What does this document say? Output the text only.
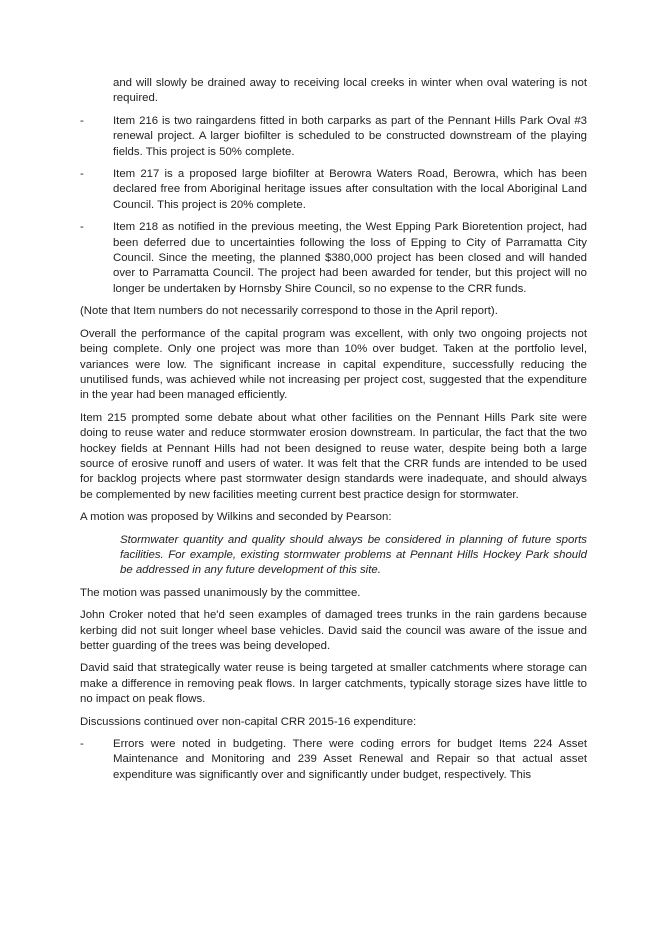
and will slowly be drained away to receiving local creeks in winter when oval watering is not required.
-	Item 216 is two raingardens fitted in both carparks as part of the Pennant Hills Park Oval #3 renewal project. A larger biofilter is scheduled to be constructed downstream of the playing fields. This project is 50% complete.
-	Item 217 is a proposed large biofilter at Berowra Waters Road, Berowra, which has been declared free from Aboriginal heritage issues after consultation with the local Aboriginal Land Council. This project is 20% complete.
-	Item 218 as notified in the previous meeting, the West Epping Park Bioretention project, had been deferred due to uncertainties following the loss of Epping to City of Parramatta City Council. Since the meeting, the planned $380,000 project has been closed and will handed over to Parramatta Council. The project had been awarded for tender, but this project will no longer be undertaken by Hornsby Shire Council, so no expense to the CRR funds.

(Note that Item numbers do not necessarily correspond to those in the April report).

Overall the performance of the capital program was excellent, with only two ongoing projects not being complete. Only one project was more than 10% over budget. Taken at the portfolio level, variances were low. The significant increase in capital expenditure, successfully reducing the unutilised funds, was achieved while not increasing per project cost, suggested that the expenditure in the year had been managed efficiently.

Item 215 prompted some debate about what other facilities on the Pennant Hills Park site were doing to reuse water and reduce stormwater erosion downstream. In particular, the fact that the two hockey fields at Pennant Hills had not been designed to reuse water, despite being both a large source of erosive runoff and users of water. It was felt that the CRR funds are intended to be used for backlog projects where past stormwater design standards were inadequate, and should always be complemented by new facilities meeting current best practice design for stormwater.

A motion was proposed by Wilkins and seconded by Pearson:

Stormwater quantity and quality should always be considered in planning of future sports facilities. For example, existing stormwater problems at Pennant Hills Hockey Park should be addressed in any future development of this site.

The motion was passed unanimously by the committee.

John Croker noted that he'd seen examples of damaged trees trunks in the rain gardens because kerbing did not suit longer wheel base vehicles. David said the council was aware of the issue and better guarding of the trees was being developed.

David said that strategically water reuse is being targeted at smaller catchments where storage can make a difference in removing peak flows. In larger catchments, typically storage sizes have little to no impact on peak flows.

Discussions continued over non-capital CRR 2015-16 expenditure:

-	Errors were noted in budgeting. There were coding errors for budget Items 224 Asset Maintenance and Monitoring and 239 Asset Renewal and Repair so that actual asset expenditure was significantly over and significantly under budget, respectively. This
